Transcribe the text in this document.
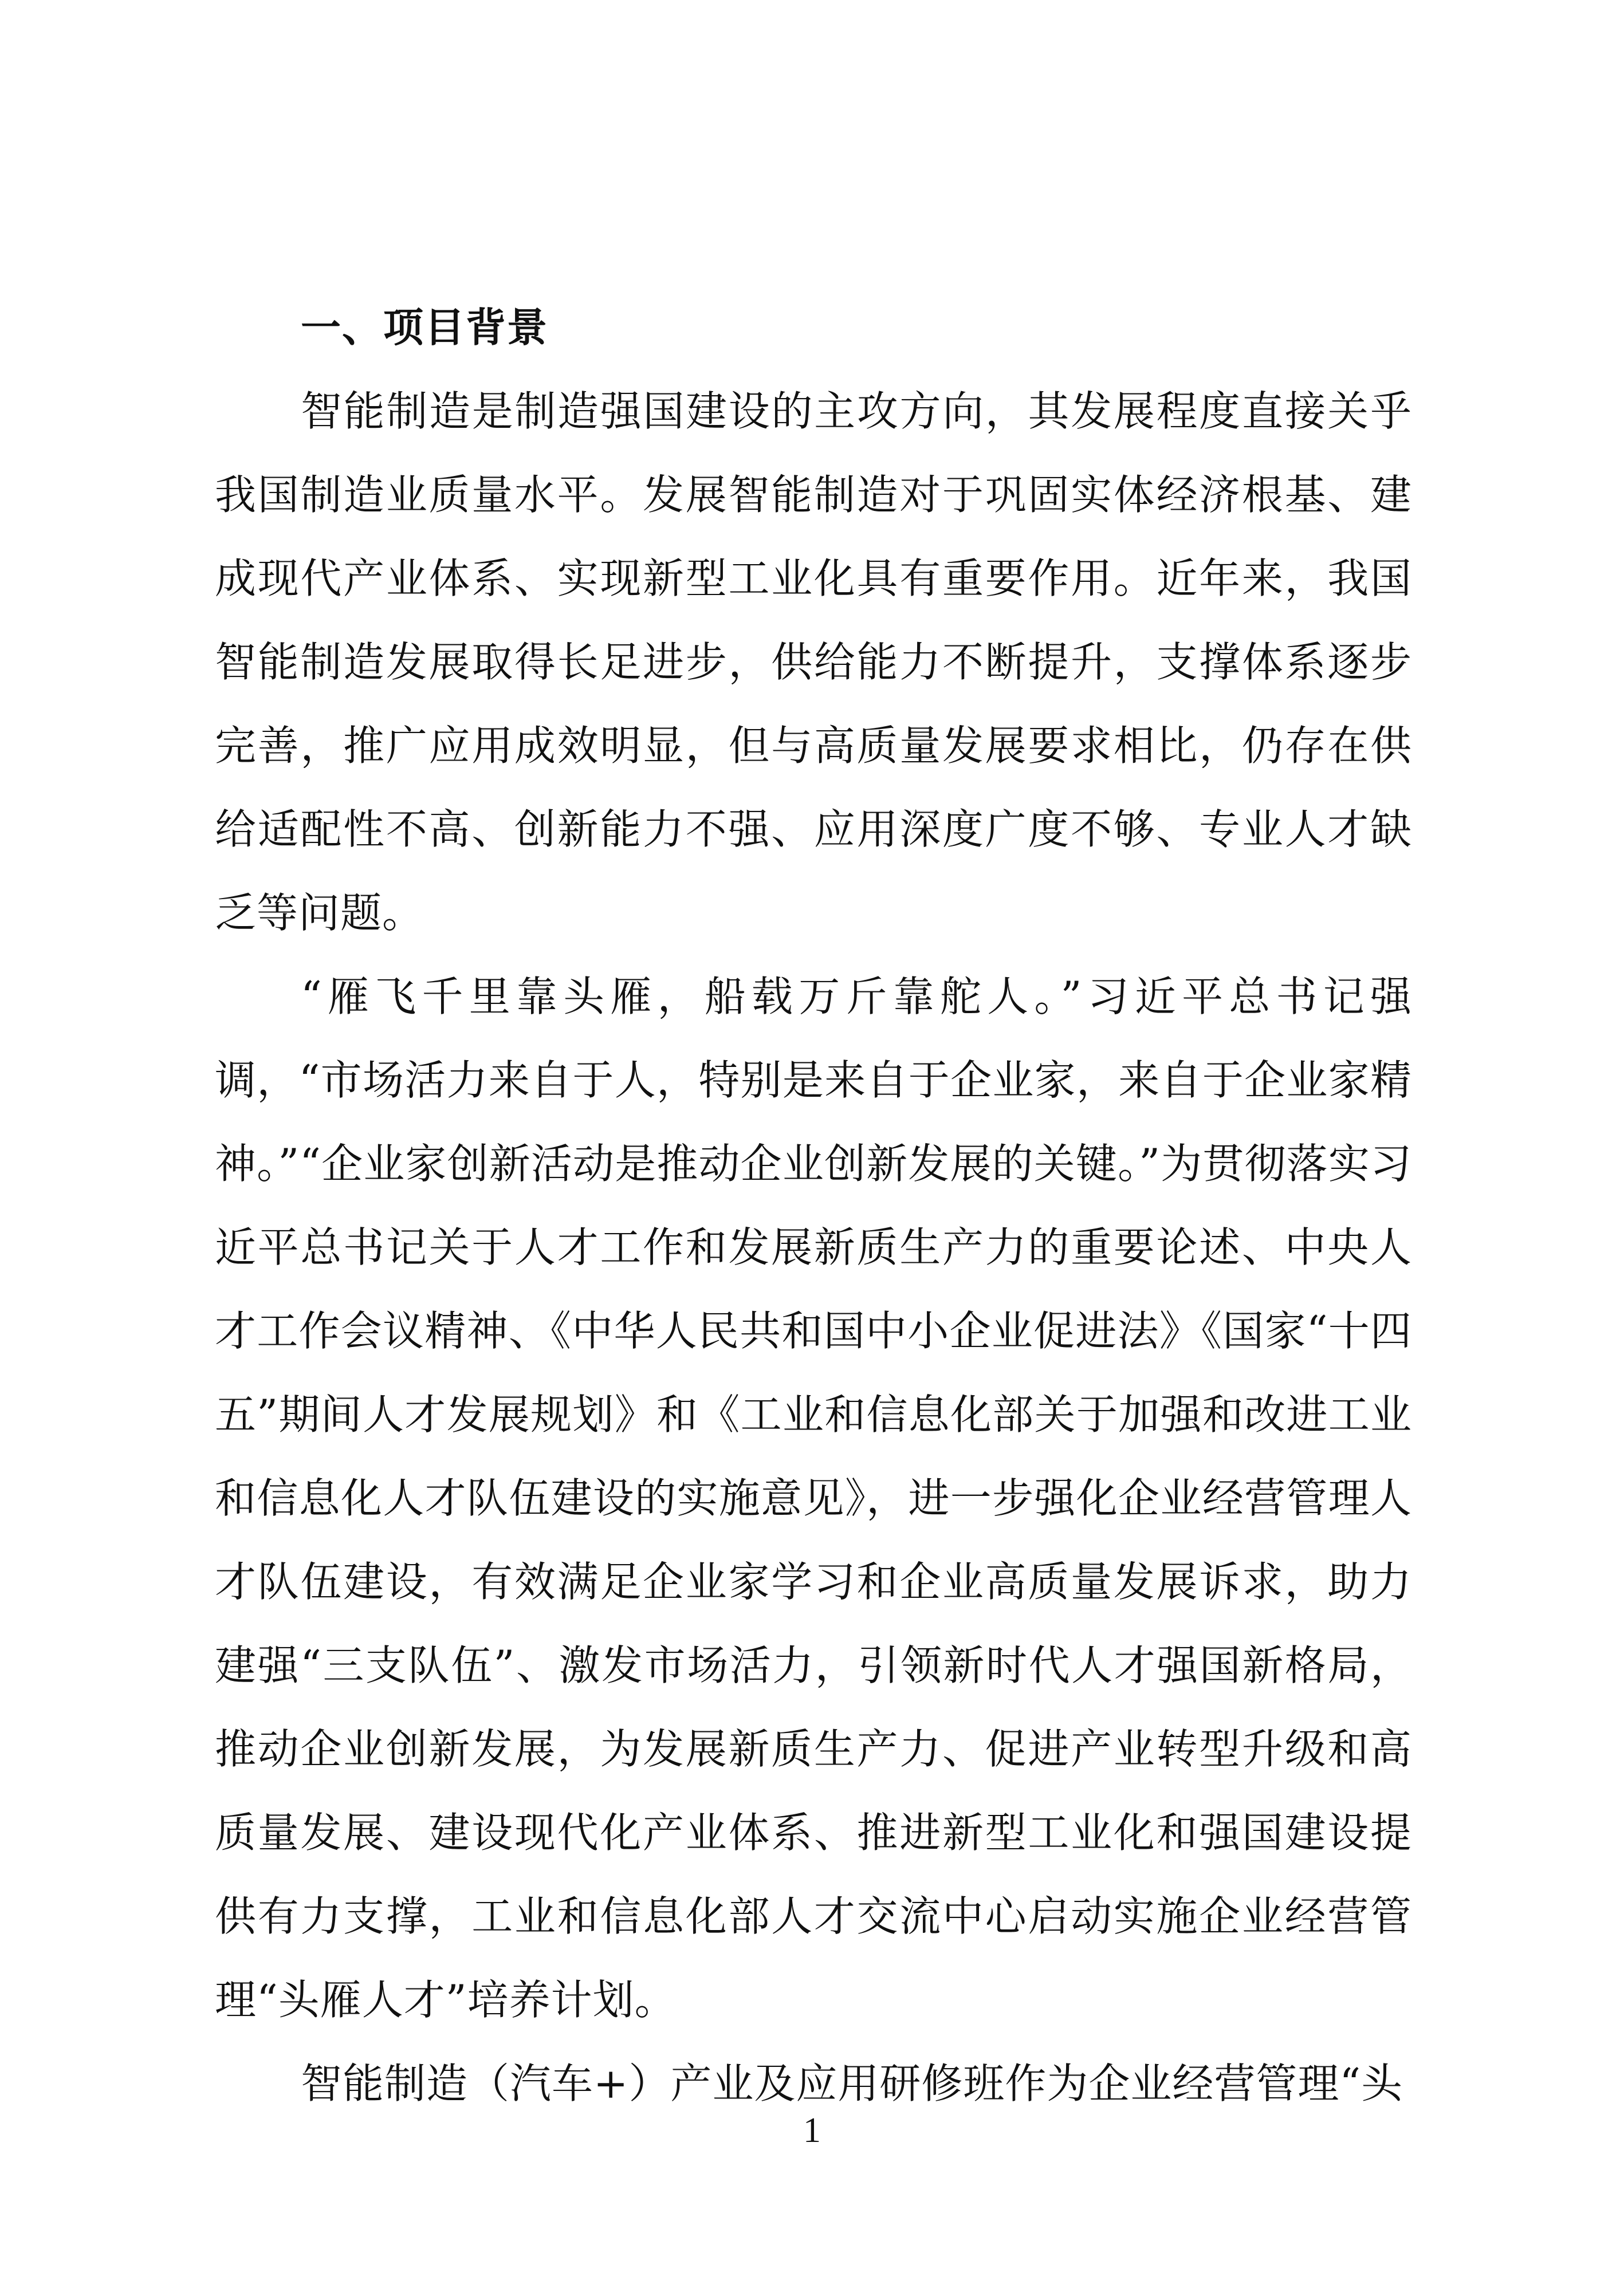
一、项目背景

智能制造是制造强国建设的主攻方向，其发展程度直接关乎我国制造业质量水平。发展智能制造对于巩固实体经济根基、建成现代产业体系、实现新型工业化具有重要作用。近年来，我国智能制造发展取得长足进步，供给能力不断提升，支撑体系逐步完善，推广应用成效明显，但与高质量发展要求相比，仍存在供给适配性不高、创新能力不强、应用深度广度不够、专业人才缺乏等问题。

“雁飞千里靠头雁，船载万斤靠舵人。”习近平总书记强调，“市场活力来自于人，特别是来自于企业家，来自于企业家精神。”“企业家创新活动是推动企业创新发展的关键。”为贯彻落实习近平总书记关于人才工作和发展新质生产力的重要论述、中央人才工作会议精神、《中华人民共和国中小企业促进法》《国家“十四五”期间人才发展规划》和《工业和信息化部关于加强和改进工业和信息化人才队伍建设的实施意见》，进一步强化企业经营管理人才队伍建设，有效满足企业家学习和企业高质量发展诉求，助力建强“三支队伍”、激发市场活力，引领新时代人才强国新格局，推动企业创新发展，为发展新质生产力、促进产业转型升级和高质量发展、建设现代化产业体系、推进新型工业化和强国建设提供有力支撑，工业和信息化部人才交流中心启动实施企业经营管理“头雁人才”培养计划。

智能制造（汽车+）产业及应用研修班作为企业经营管理“头

1
